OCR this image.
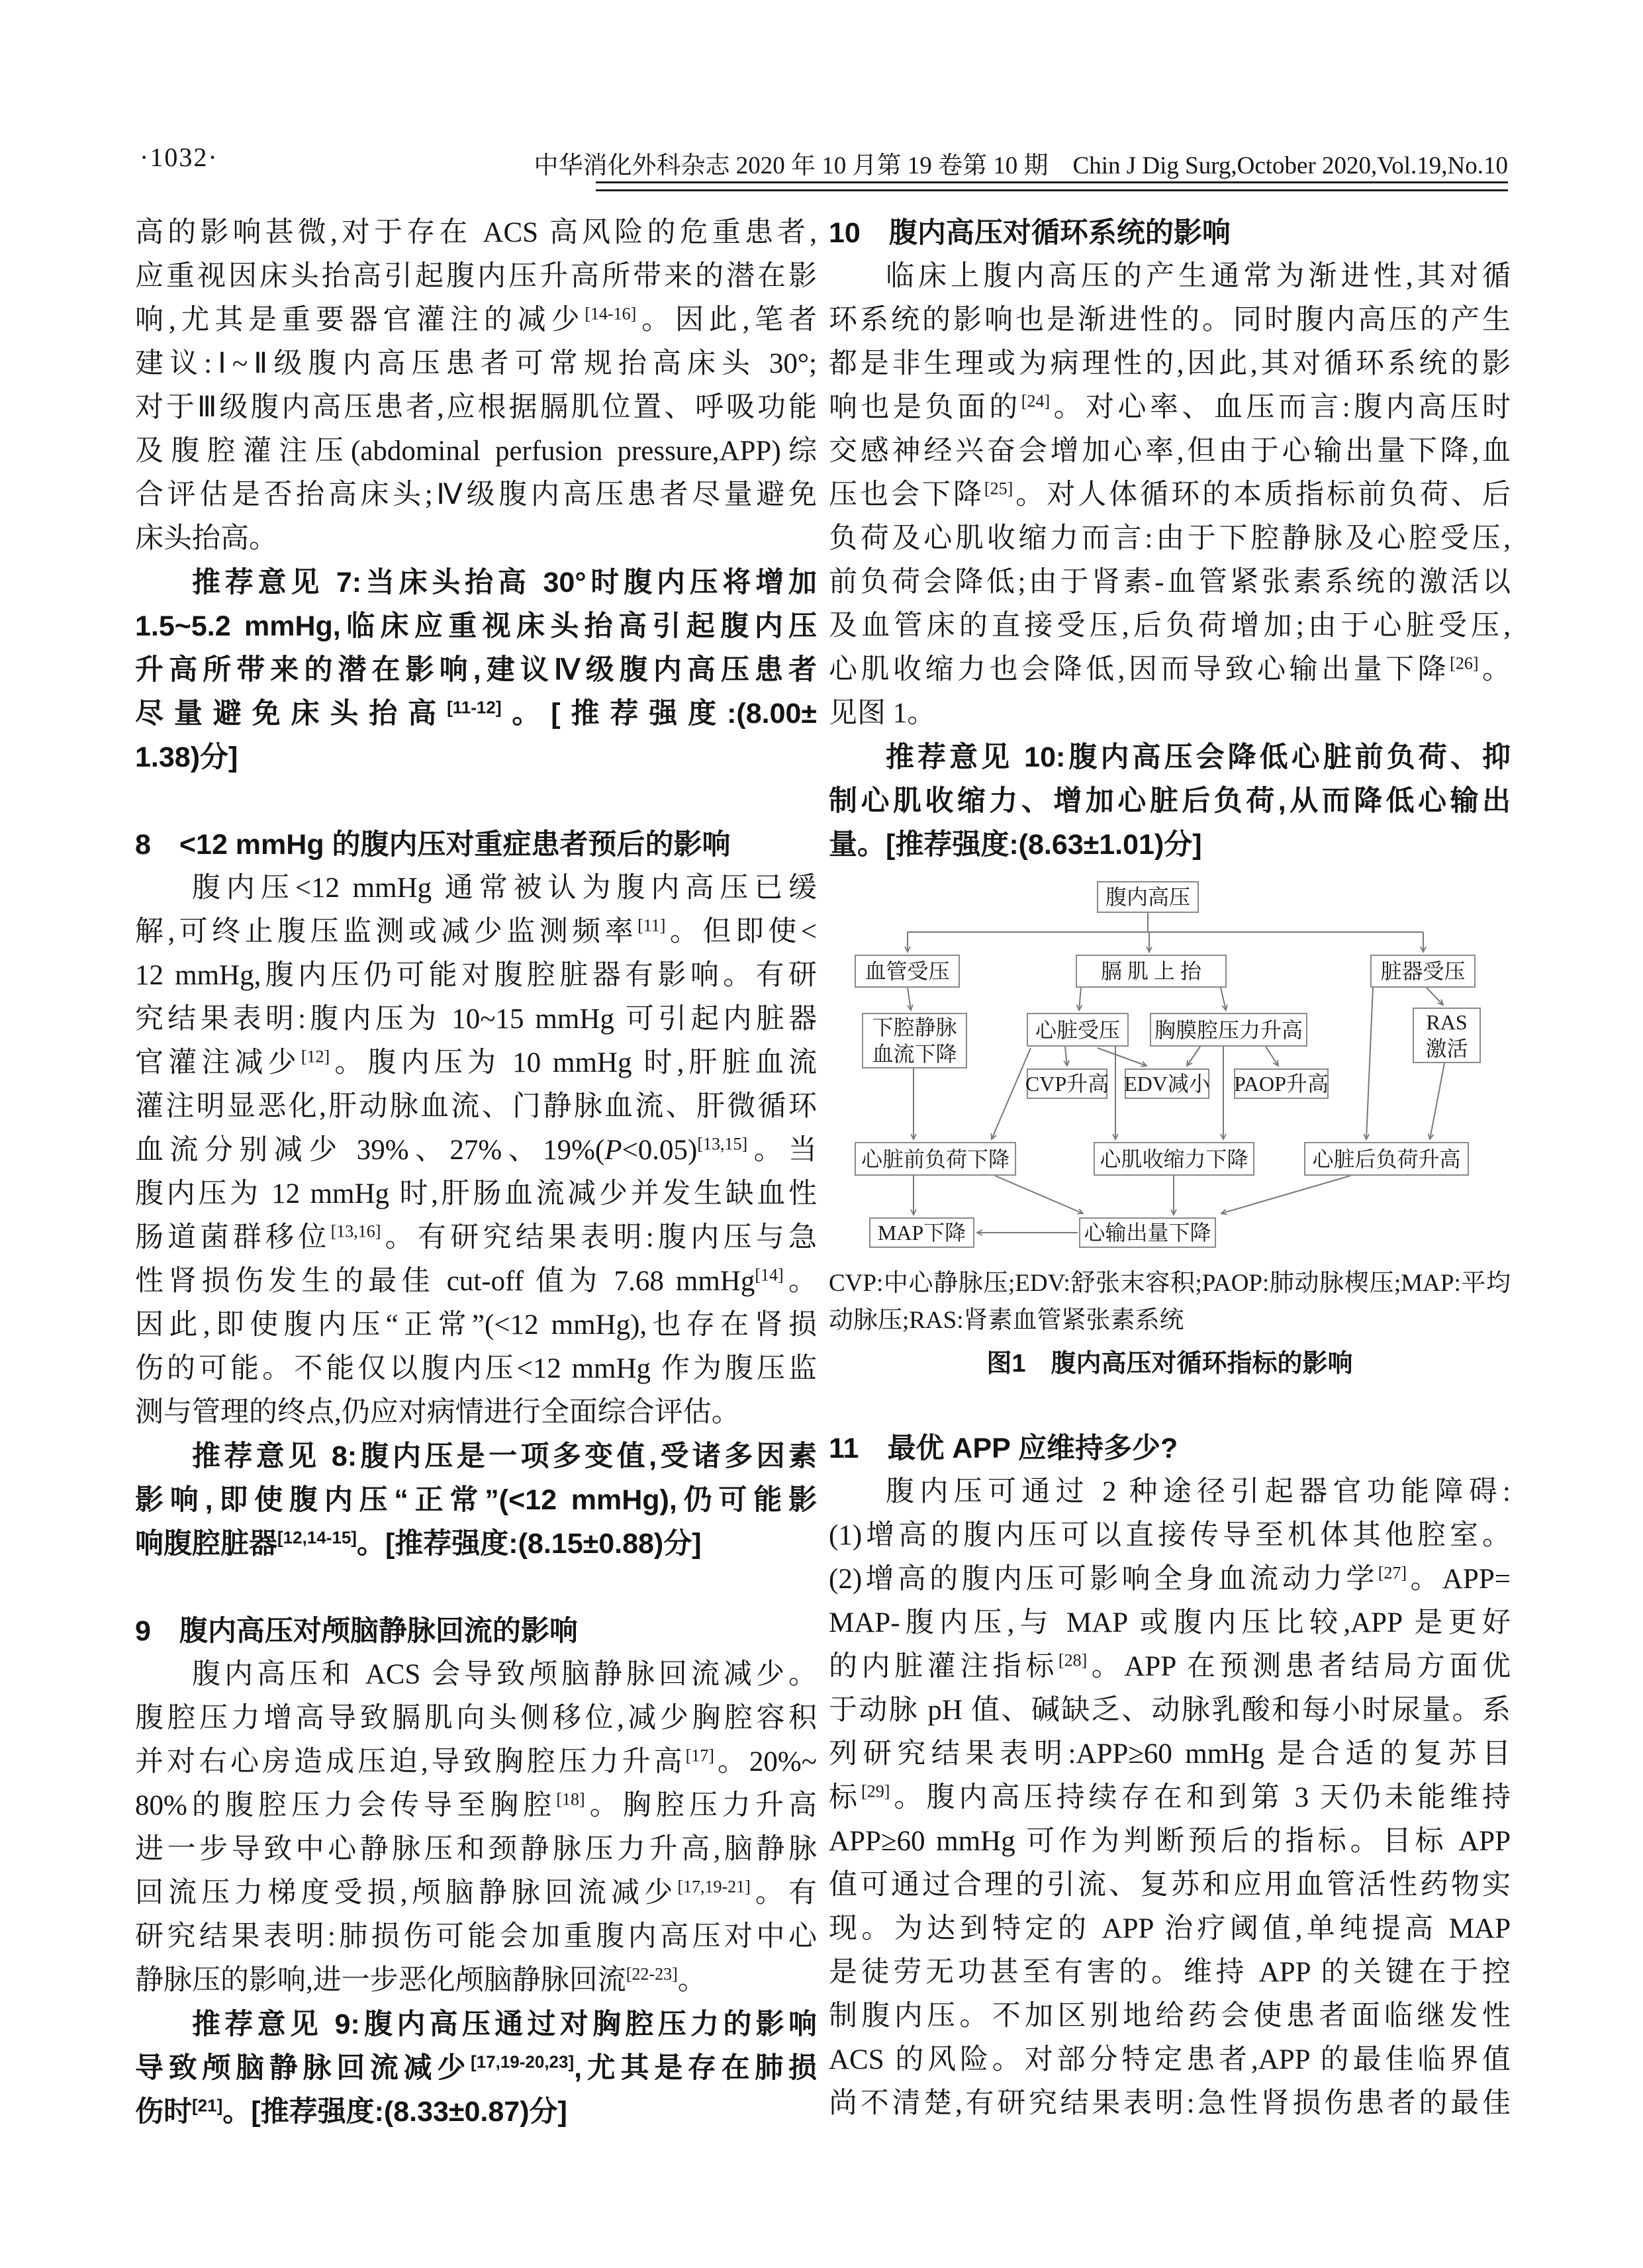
·1032·	中华消化外科杂志 2020 年 10 月第 19 卷第 10 期　Chin J Dig Surg,October 2020,Vol.19,No.10
高的影响甚微,对于存在 ACS 高风险的危重患者,
应重视因床头抬高引起腹内压升高所带来的潜在影
响,尤其是重要器官灌注的减少[14-16]。因此,笔者
建议:Ⅰ~Ⅱ级腹内高压患者可常规抬高床头 30°;
对于Ⅲ级腹内高压患者,应根据膈肌位置、呼吸功能
及腹腔灌注压(abdominal perfusion pressure,APP)综
合评估是否抬高床头;Ⅳ级腹内高压患者尽量避免
床头抬高。
推荐意见 7:当床头抬高 30°时腹内压将增加
1.5~5.2 mmHg,临床应重视床头抬高引起腹内压
升高所带来的潜在影响,建议Ⅳ级腹内高压患者
尽量避免床头抬高[11-12]。[推荐强度:(8.00±
1.38)分]
8　<12 mmHg 的腹内压对重症患者预后的影响
腹内压<12 mmHg 通常被认为腹内高压已缓
解,可终止腹压监测或减少监测频率[11]。但即使<
12 mmHg,腹内压仍可能对腹腔脏器有影响。有研
究结果表明:腹内压为 10~15 mmHg 可引起内脏器
官灌注减少[12]。腹内压为 10 mmHg 时,肝脏血流
灌注明显恶化,肝动脉血流、门静脉血流、肝微循环
血流分别减少 39%、27%、19%(P<0.05)[13,15]。当
腹内压为 12 mmHg 时,肝肠血流减少并发生缺血性
肠道菌群移位[13,16]。有研究结果表明:腹内压与急
性肾损伤发生的最佳 cut-off 值为 7.68 mmHg[14]。
因此,即使腹内压“正常”(<12 mmHg),也存在肾损
伤的可能。不能仅以腹内压<12 mmHg 作为腹压监
测与管理的终点,仍应对病情进行全面综合评估。
推荐意见 8:腹内压是一项多变值,受诸多因素
影响,即使腹内压“正常”(<12 mmHg),仍可能影
响腹腔脏器[12,14-15]。[推荐强度:(8.15±0.88)分]
9　腹内高压对颅脑静脉回流的影响
腹内高压和 ACS 会导致颅脑静脉回流减少。
腹腔压力增高导致膈肌向头侧移位,减少胸腔容积
并对右心房造成压迫,导致胸腔压力升高[17]。20%~
80%的腹腔压力会传导至胸腔[18]。胸腔压力升高
进一步导致中心静脉压和颈静脉压力升高,脑静脉
回流压力梯度受损,颅脑静脉回流减少[17,19-21]。有
研究结果表明:肺损伤可能会加重腹内高压对中心
静脉压的影响,进一步恶化颅脑静脉回流[22-23]。
推荐意见 9:腹内高压通过对胸腔压力的影响
导致颅脑静脉回流减少[17,19-20,23],尤其是存在肺损
伤时[21]。[推荐强度:(8.33±0.87)分]
10　腹内高压对循环系统的影响
临床上腹内高压的产生通常为渐进性,其对循
环系统的影响也是渐进性的。同时腹内高压的产生
都是非生理或为病理性的,因此,其对循环系统的影
响也是负面的[24]。对心率、血压而言:腹内高压时
交感神经兴奋会增加心率,但由于心输出量下降,血
压也会下降[25]。对人体循环的本质指标前负荷、后
负荷及心肌收缩力而言:由于下腔静脉及心腔受压,
前负荷会降低;由于肾素-血管紧张素系统的激活以
及血管床的直接受压,后负荷增加;由于心脏受压,
心肌收缩力也会降低,因而导致心输出量下降[26]。
见图 1。
推荐意见 10:腹内高压会降低心脏前负荷、抑
制心肌收缩力、增加心脏后负荷,从而降低心输出
量。[推荐强度:(8.63±1.01)分]
腹内高压
血管受压	膈 肌 上 抬	脏器受压
下腔静脉
血流下降
心脏受压 胸膜腔压力升高	RAS
激活
CVP升高 EDV减小 PAOP升高
心脏前负荷下降	心肌收缩力下降	心脏后负荷升高
MAP下降	心输出量下降
CVP:中心静脉压;EDV:舒张末容积;PAOP:肺动脉楔压;MAP:平均
动脉压;RAS:肾素血管紧张素系统
图1　腹内高压对循环指标的影响
11　最优 APP 应维持多少?
腹内压可通过 2 种途径引起器官功能障碍:
(1)增高的腹内压可以直接传导至机体其他腔室。
(2)增高的腹内压可影响全身血流动力学[27]。APP=
MAP-腹内压,与 MAP 或腹内压比较,APP 是更好
的内脏灌注指标[28]。APP 在预测患者结局方面优
于动脉 pH 值、碱缺乏、动脉乳酸和每小时尿量。系
列研究结果表明:APP≥60 mmHg 是合适的复苏目
标[29]。腹内高压持续存在和到第 3 天仍未能维持
APP≥60 mmHg 可作为判断预后的指标。目标 APP
值可通过合理的引流、复苏和应用血管活性药物实
现。为达到特定的 APP 治疗阈值,单纯提高 MAP
是徒劳无功甚至有害的。维持 APP 的关键在于控
制腹内压。不加区别地给药会使患者面临继发性
ACS 的风险。对部分特定患者,APP 的最佳临界值
尚不清楚,有研究结果表明:急性肾损伤患者的最佳
